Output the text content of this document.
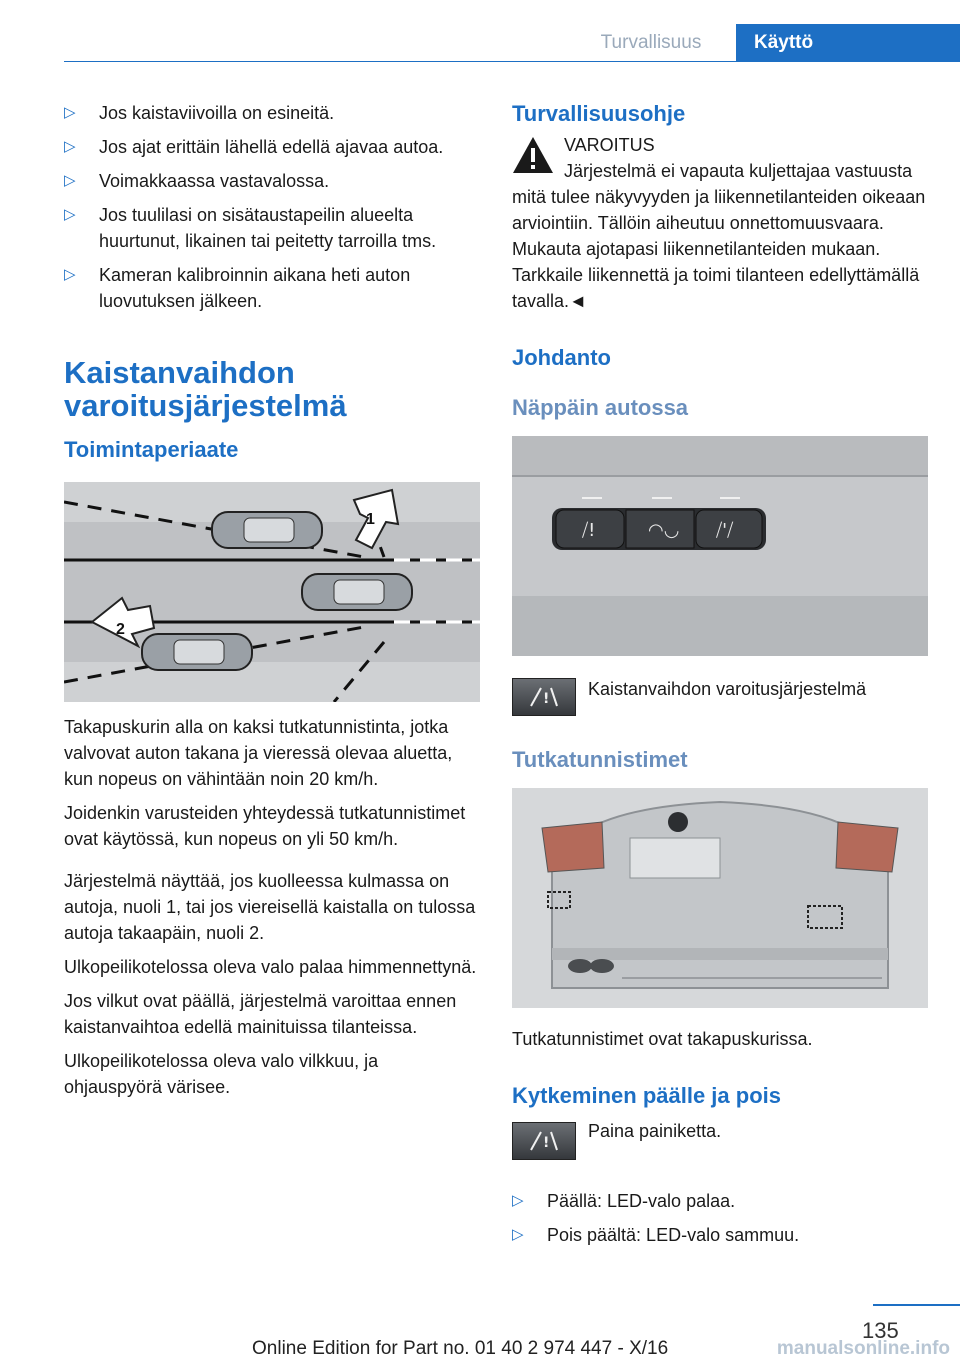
Turvallisuus	Käyttö
▷ Jos kaistaviivoilla on esineitä.
▷ Jos ajat erittäin lähellä edellä ajavaa autoa.
▷ Voimakkaassa vastavalossa.
▷ Jos tuulilasi on sisätaustapeilin alueelta huurtunut, likainen tai peitetty tarroilla tms.
▷ Kameran kalibroinnin aikana heti auton luovutuksen jälkeen.
Kaistanvaihdon varoitusjärjestelmä
Toimintaperiaate
1
2

Takapuskurin alla on kaksi tutkatunnistinta, jotka valvovat auton takana ja vieressä olevaa aluetta, kun nopeus on vähintään noin 20 km/h.

Joidenkin varusteiden yhteydessä tutkatunnistimet ovat käytössä, kun nopeus on yli 50 km/h.

Järjestelmä näyttää, jos kuolleessa kulmassa on autoja, nuoli 1, tai jos viereisellä kaistalla on tulossa autoja takaapäin, nuoli 2.

Ulkopeilikotelossa oleva valo palaa himmennettynä.

Jos vilkut ovat päällä, järjestelmä varoittaa ennen kaistanvaihtoa edellä mainituissa tilanteissa.

Ulkopeilikotelossa oleva valo vilkkuu, ja ohjauspyörä värisee.

Turvallisuusohje
VAROITUS
Järjestelmä ei vapauta kuljettajaa vastuusta mitä tulee näkyvyyden ja liikennetilanteiden oikeaan arviointiin. Tällöin aiheutuu onnettomuusvaara. Mukauta ajotapasi liikennetilanteiden mukaan. Tarkkaile liikennettä ja toimi tilanteen edellyttämällä tavalla.◄
Johdanto
Näppäin autossa
⧸!	◠◡ ⧸'⧸
! Kaistanvaihdon varoitusjärjestelmä
Tutkatunnistimet

Tutkatunnistimet ovat takapuskurissa.

Kytkeminen päälle ja pois
!
Paina painiketta.
▷ Päällä: LED-valo palaa.
▷ Pois päältä: LED-valo sammuu.
135
Online Edition for Part no. 01 40 2 974 447 - X/16	manualsonline.info
